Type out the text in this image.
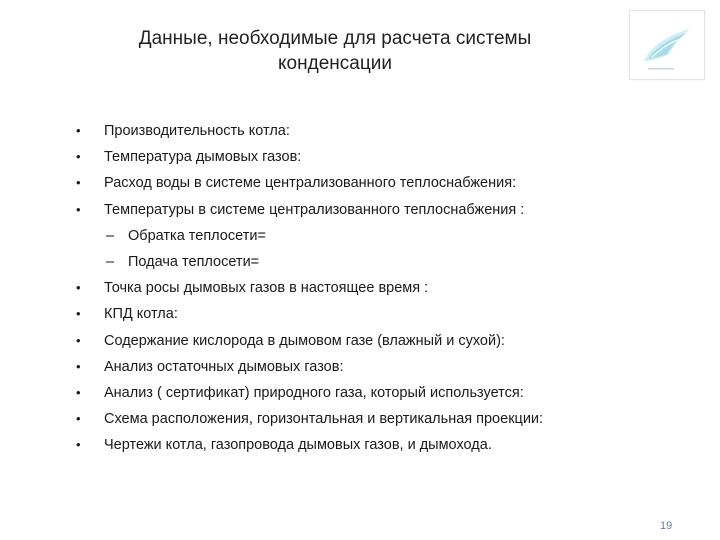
Данные, необходимые для расчета системы
конденсации
• Производительность котла:
• Температура дымовых газов:
• Расход воды в системе централизованного теплоснабжения:
• Температуры в системе централизованного теплоснабжения :
– Обратка теплосети=
– Подача теплосети=
• Точка росы дымовых газов в настоящее время :
• КПД котла:
• Содержание кислорода в дымовом газе (влажный и сухой):
• Анализ остаточных дымовых газов:
• Анализ ( сертификат) природного газа, который используется:
• Схема расположения, горизонтальная и вертикальная проекции:
• Чертежи котла, газопровода дымовых газов, и дымохода.
19
